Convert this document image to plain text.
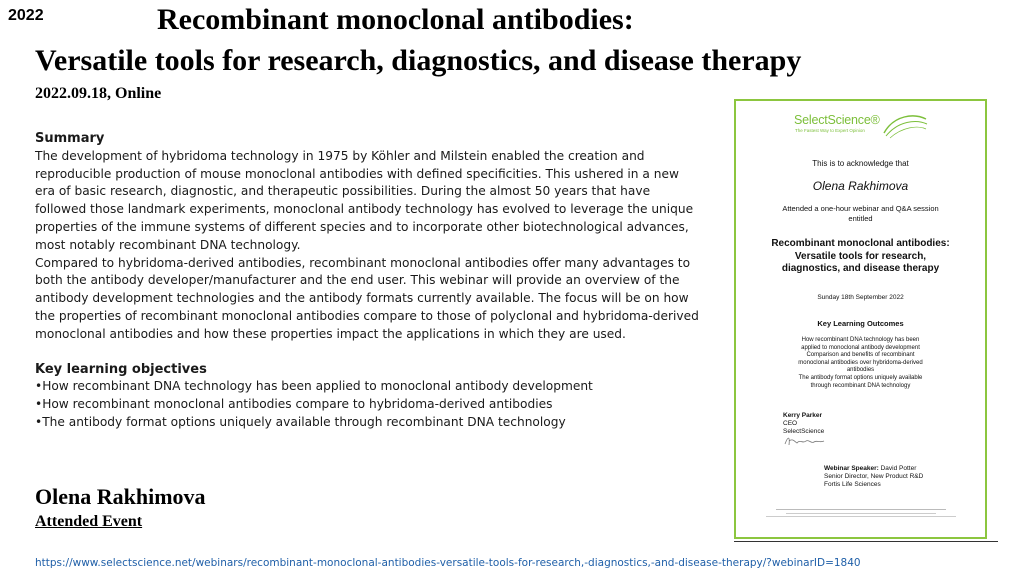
2022	Recombinant monoclonal antibodies:
Versatile tools for research, diagnostics, and disease therapy
2022.09.18, Online
Summary
The development of hybridoma technology in 1975 by Köhler and Milstein enabled the creation and reproducible production of mouse monoclonal antibodies with defined specificities. This ushered in a new era of basic research, diagnostic, and therapeutic possibilities. During the almost 50 years that have followed those landmark experiments, monoclonal antibody technology has evolved to leverage the unique properties of the immune systems of different species and to incorporate other biotechnological advances, most notably recombinant DNA technology.
Compared to hybridoma-derived antibodies, recombinant monoclonal antibodies offer many advantages to both the antibody developer/manufacturer and the end user. This webinar will provide an overview of the antibody development technologies and the antibody formats currently available. The focus will be on how the properties of recombinant monoclonal antibodies compare to those of polyclonal and hybridoma-derived monoclonal antibodies and how these properties impact the applications in which they are used.
Key learning objectives
•How recombinant DNA technology has been applied to monoclonal antibody development
•How recombinant monoclonal antibodies compare to hybridoma-derived antibodies
•The antibody format options uniquely available through recombinant DNA technology
Olena Rakhimova
Attended Event
https://www.selectscience.net/webinars/recombinant-monoclonal-antibodies-versatile-tools-for-research,-diagnostics,-and-disease-therapy/?webinarID=1840
SelectScience®
The Fastest Way to Expert Opinion
This is to acknowledge that
Olena Rakhimova
Attended a one-hour webinar and Q&A session
entitled
Recombinant monoclonal antibodies:
Versatile tools for research,
diagnostics, and disease therapy
Sunday 18th September 2022
Key Learning Outcomes
How recombinant DNA technology has been
applied to monoclonal antibody development
Comparison and benefits of recombinant
monoclonal antibodies over hybridoma-derived
antibodies
The antibody format options uniquely available
through recombinant DNA technology
Kerry Parker
CEO
SelectScience
Webinar Speaker: David Potter
Senior Director, New Product R&D
Fortis Life Sciences
